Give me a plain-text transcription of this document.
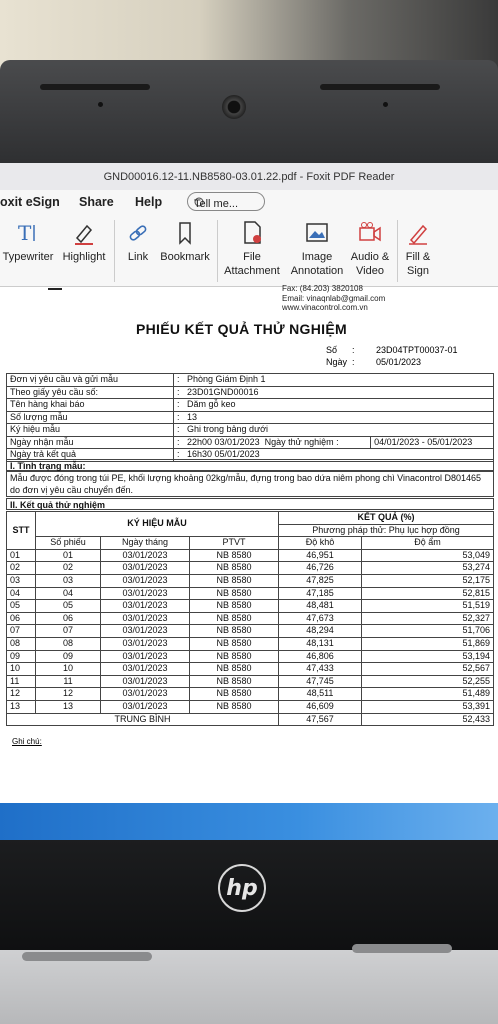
GND00016.12-11.NB8580-03.01.22.pdf - Foxit PDF Reader
oxit eSign Share Help	Tell me...
T
Typewriter Highlight	Link	Bookmark	File Attachment
Image Annotation
Audio & Video
Fill & Sign
Fax: (84.203) 3820108
Email: vinaqnlab@gmail.com
www.vinacontrol.com.vn
PHIẾU KẾT QUẢ THỬ NGHIỆM
Số : 23D04TPT00037-01
Ngày : 05/01/2023
Đơn vị yêu cầu và gửi mẫu	:   Phòng Giám Định 1	
Theo giấy yêu cầu số:	:   23D01GND00016	
Tên hàng khai báo	:   Dăm gỗ keo	
Số lượng mẫu	:   13	
Ký hiệu mẫu	:   Ghi trong bảng dưới	
Ngày nhận mẫu	:   22h00 03/01/2023 Ngày thử nghiệm :	04/01/2023 - 05/01/2023
Ngày trả kết quả	:   16h30 05/01/2023	
I. Tình trạng mẫu:
Mẫu được đóng trong túi PE, khối lượng khoảng 02kg/mẫu, đựng trong bao dứa niêm phong chì Vinacontrol D801465 do đơn vị yêu cầu chuyển đến.
II. Kết quả thử nghiệm
STT	KÝ HIỆU MẪU			KẾT QUẢ (%)	
				Phương pháp thử: Phụ lục hợp đồng	
	Số phiếu	Ngày tháng	PTVT	Độ khô	Độ ẩm
01	01	03/01/2023	NB 8580	46,951	53,049
02	02	03/01/2023	NB 8580	46,726	53,274
03	03	03/01/2023	NB 8580	47,825	52,175
04	04	03/01/2023	NB 8580	47,185	52,815
05	05	03/01/2023	NB 8580	48,481	51,519
06	06	03/01/2023	NB 8580	47,673	52,327
07	07	03/01/2023	NB 8580	48,294	51,706
08	08	03/01/2023	NB 8580	48,131	51,869
09	09	03/01/2023	NB 8580	46,806	53,194
10	10	03/01/2023	NB 8580	47,433	52,567
11	11	03/01/2023	NB 8580	47,745	52,255
12	12	03/01/2023	NB 8580	48,511	51,489
13	13	03/01/2023	NB 8580	46,609	53,391
TRUNG BÌNH				47,567	52,433
Ghi chú:
hp
